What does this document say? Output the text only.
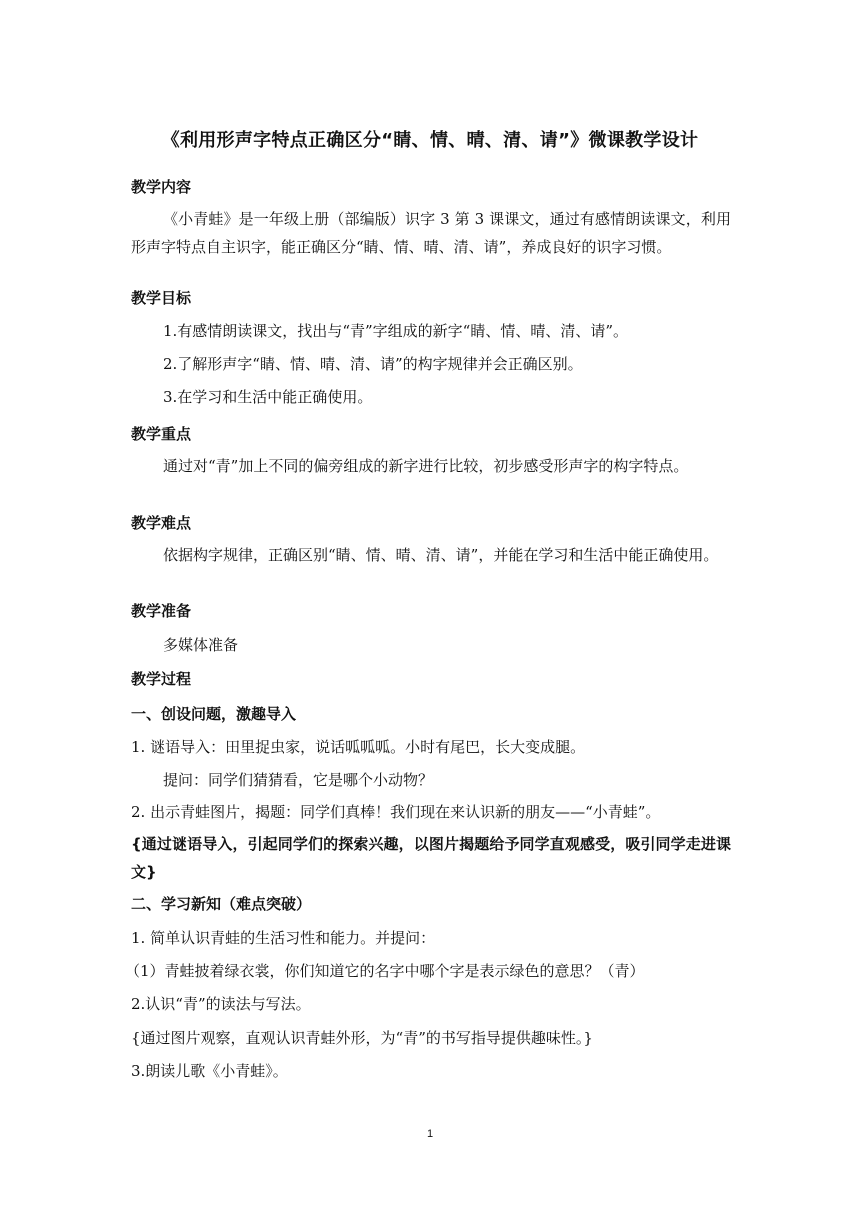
《利用形声字特点正确区分“睛、情、晴、清、请”》微课教学设计
教学内容
《小青蛙》是一年级上册（部编版）识字 3 第 3 课课文，通过有感情朗读课文，利用形声字特点自主识字，能正确区分“睛、情、晴、清、请”，养成良好的识字习惯。
教学目标
1.有感情朗读课文，找出与“青”字组成的新字“睛、情、晴、清、请”。
2.了解形声字“睛、情、晴、清、请”的构字规律并会正确区别。
3.在学习和生活中能正确使用。
教学重点
通过对“青”加上不同的偏旁组成的新字进行比较，初步感受形声字的构字特点。
教学难点
依据构字规律，正确区别“睛、情、晴、清、请”，并能在学习和生活中能正确使用。
教学准备
多媒体准备
教学过程
一、创设问题，激趣导入
1. 谜语导入：田里捉虫家，说话呱呱呱。小时有尾巴，长大变成腿。
提问：同学们猜猜看，它是哪个小动物？
2. 出示青蛙图片，揭题：同学们真棒！我们现在来认识新的朋友——“小青蛙”。
{通过谜语导入，引起同学们的探索兴趣，以图片揭题给予同学直观感受，吸引同学走进课文}
二、学习新知（难点突破）
1. 简单认识青蛙的生活习性和能力。并提问：
（1）青蛙披着绿衣裳，你们知道它的名字中哪个字是表示绿色的意思？（青）
2.认识“青”的读法与写法。
{通过图片观察，直观认识青蛙外形，为“青”的书写指导提供趣味性。}
3.朗读儿歌《小青蛙》。
1
